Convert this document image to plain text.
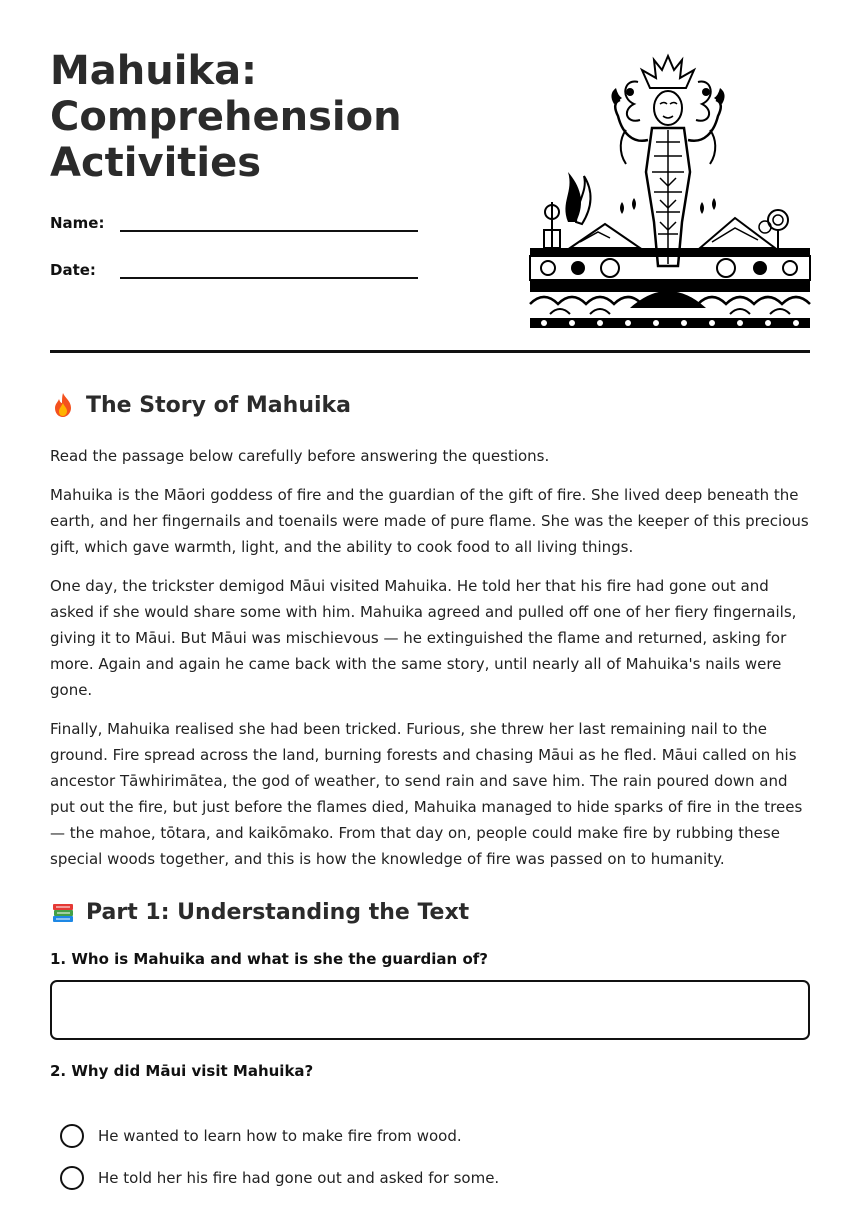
Mahuika:
Comprehension
Activities
Name:
Date:
The Story of Mahuika

Read the passage below carefully before answering the questions.

Mahuika is the Māori goddess of fire and the guardian of the gift of fire. She lived deep beneath the earth, and her fingernails and toenails were made of pure flame. She was the keeper of this precious gift, which gave warmth, light, and the ability to cook food to all living things.

One day, the trickster demigod Māui visited Mahuika. He told her that his fire had gone out and asked if she would share some with him. Mahuika agreed and pulled off one of her fiery fingernails, giving it to Māui. But Māui was mischievous — he extinguished the flame and returned, asking for more. Again and again he came back with the same story, until nearly all of Mahuika's nails were gone.

Finally, Mahuika realised she had been tricked. Furious, she threw her last remaining nail to the ground. Fire spread across the land, burning forests and chasing Māui as he fled. Māui called on his ancestor Tāwhirimātea, the god of weather, to send rain and save him. The rain poured down and put out the fire, but just before the flames died, Mahuika managed to hide sparks of fire in the trees — the mahoe, tōtara, and kaikōmako. From that day on, people could make fire by rubbing these special woods together, and this is how the knowledge of fire was passed on to humanity.

Part 1: Understanding the Text
1. Who is Mahuika and what is she the guardian of?
2. Why did Māui visit Mahuika?
He wanted to learn how to make fire from wood.
He told her his fire had gone out and asked for some.
